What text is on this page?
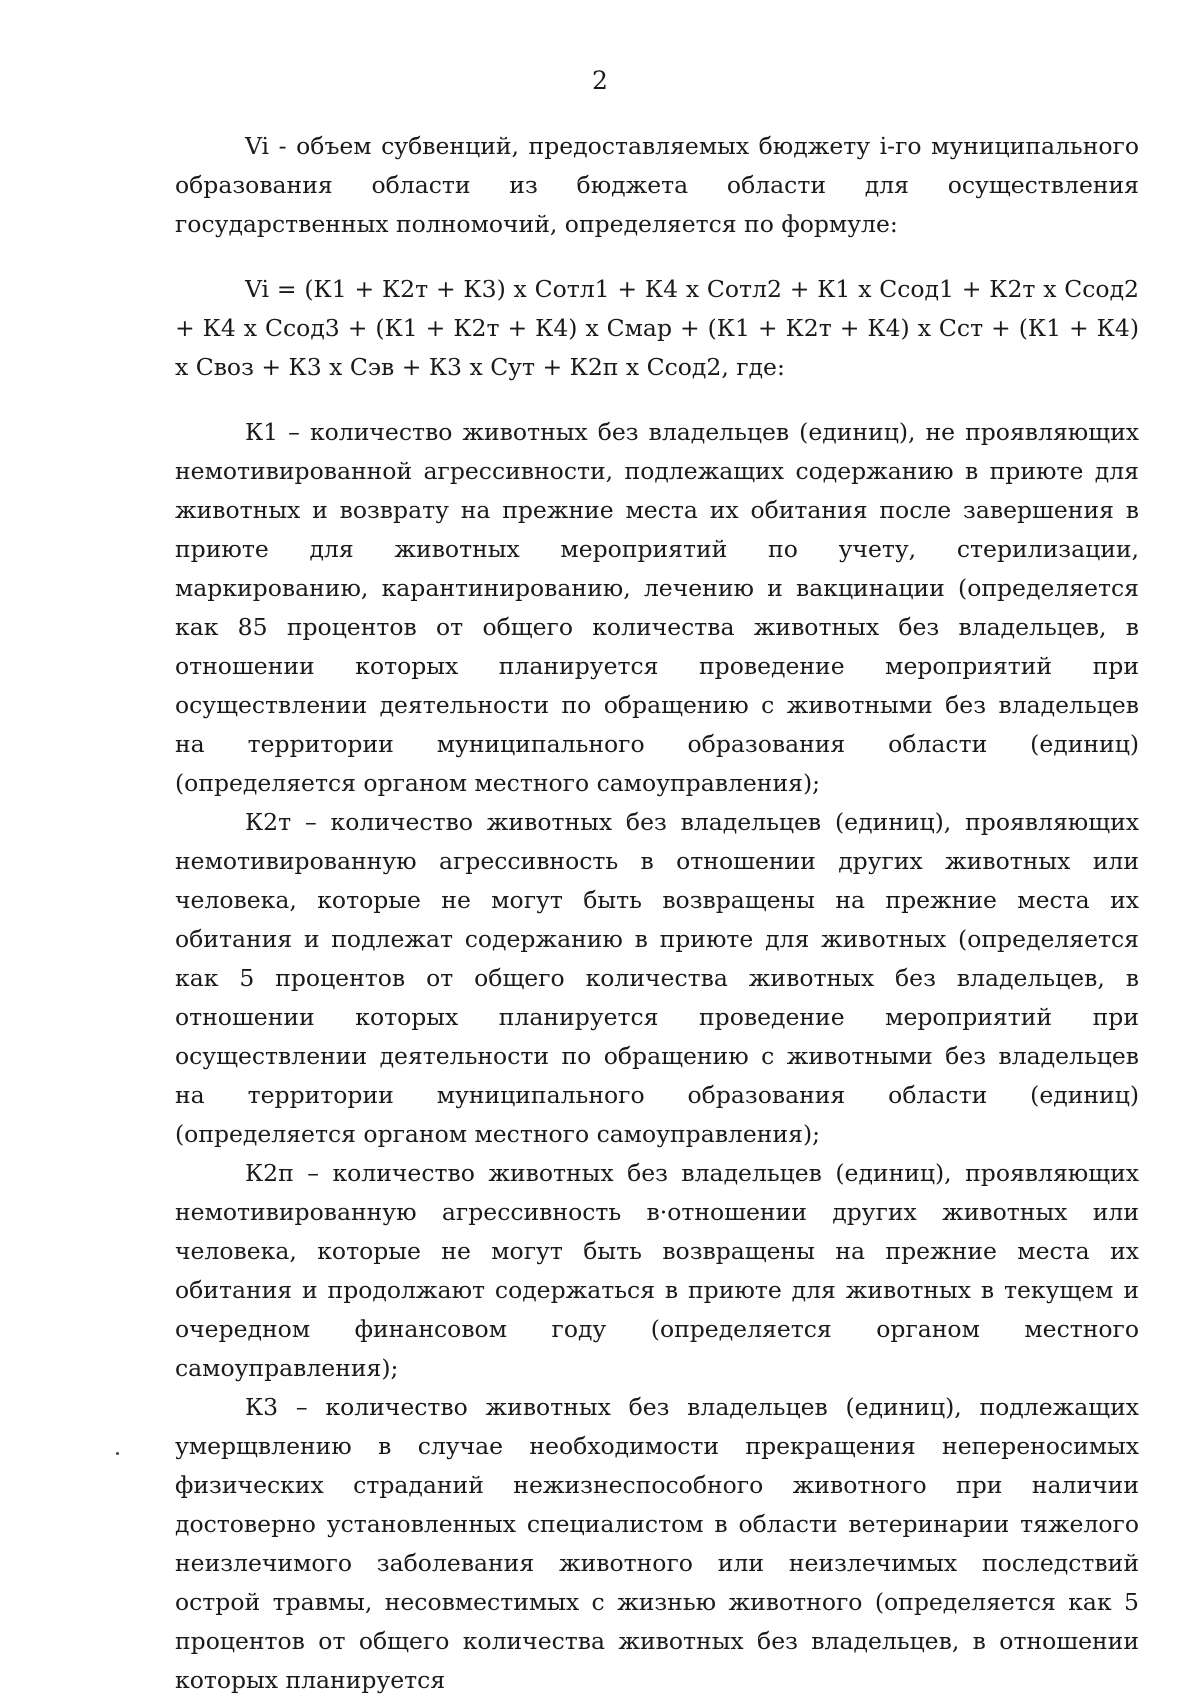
2

Vi - объем субвенций, предоставляемых бюджету i-го муниципального образования области из бюджета области для осуществления государственных полномочий, определяется по формуле:

Vi = (К1 + К2т + К3) х Сотл1 + К4 х Сотл2 + К1 х Ссод1 + К2т х Ссод2 + К4 х Ссод3 + (К1 + К2т + К4) х Смар + (К1 + К2т + К4) х Сст + (К1 + К4) х Своз + К3 х Сэв + К3 х Сут + К2п х Ссод2, где:

К1 – количество животных без владельцев (единиц), не проявляющих немотивированной агрессивности, подлежащих содержанию в приюте для животных и возврату на прежние места их обитания после завершения в приюте для животных мероприятий по учету, стерилизации, маркированию, карантинированию, лечению и вакцинации (определяется как 85 процентов от общего количества животных без владельцев, в отношении которых планируется проведение мероприятий при осуществлении деятельности по обращению с животными без владельцев на территории муниципального образования области (единиц) (определяется органом местного самоуправления);

К2т – количество животных без владельцев (единиц), проявляющих немотивированную агрессивность в отношении других животных или человека, которые не могут быть возвращены на прежние места их обитания и подлежат содержанию в приюте для животных (определяется как 5 процентов от общего количества животных без владельцев, в отношении которых планируется проведение мероприятий при осуществлении деятельности по обращению с животными без владельцев на территории муниципального образования области (единиц) (определяется органом местного самоуправления);

К2п – количество животных без владельцев (единиц), проявляющих немотивированную агрессивность в·отношении других животных или человека, которые не могут быть возвращены на прежние места их обитания и продолжают содержаться в приюте для животных в текущем и очередном финансовом году (определяется органом местного самоуправления);

К3 – количество животных без владельцев (единиц), подлежащих умерщвлению в случае необходимости прекращения непереносимых физических страданий нежизнеспособного животного при наличии достоверно установленных специалистом в области ветеринарии тяжелого неизлечимого заболевания животного или неизлечимых последствий острой травмы, несовместимых с жизнью животного (определяется как 5 процентов от общего количества животных без владельцев, в отношении которых планируется
